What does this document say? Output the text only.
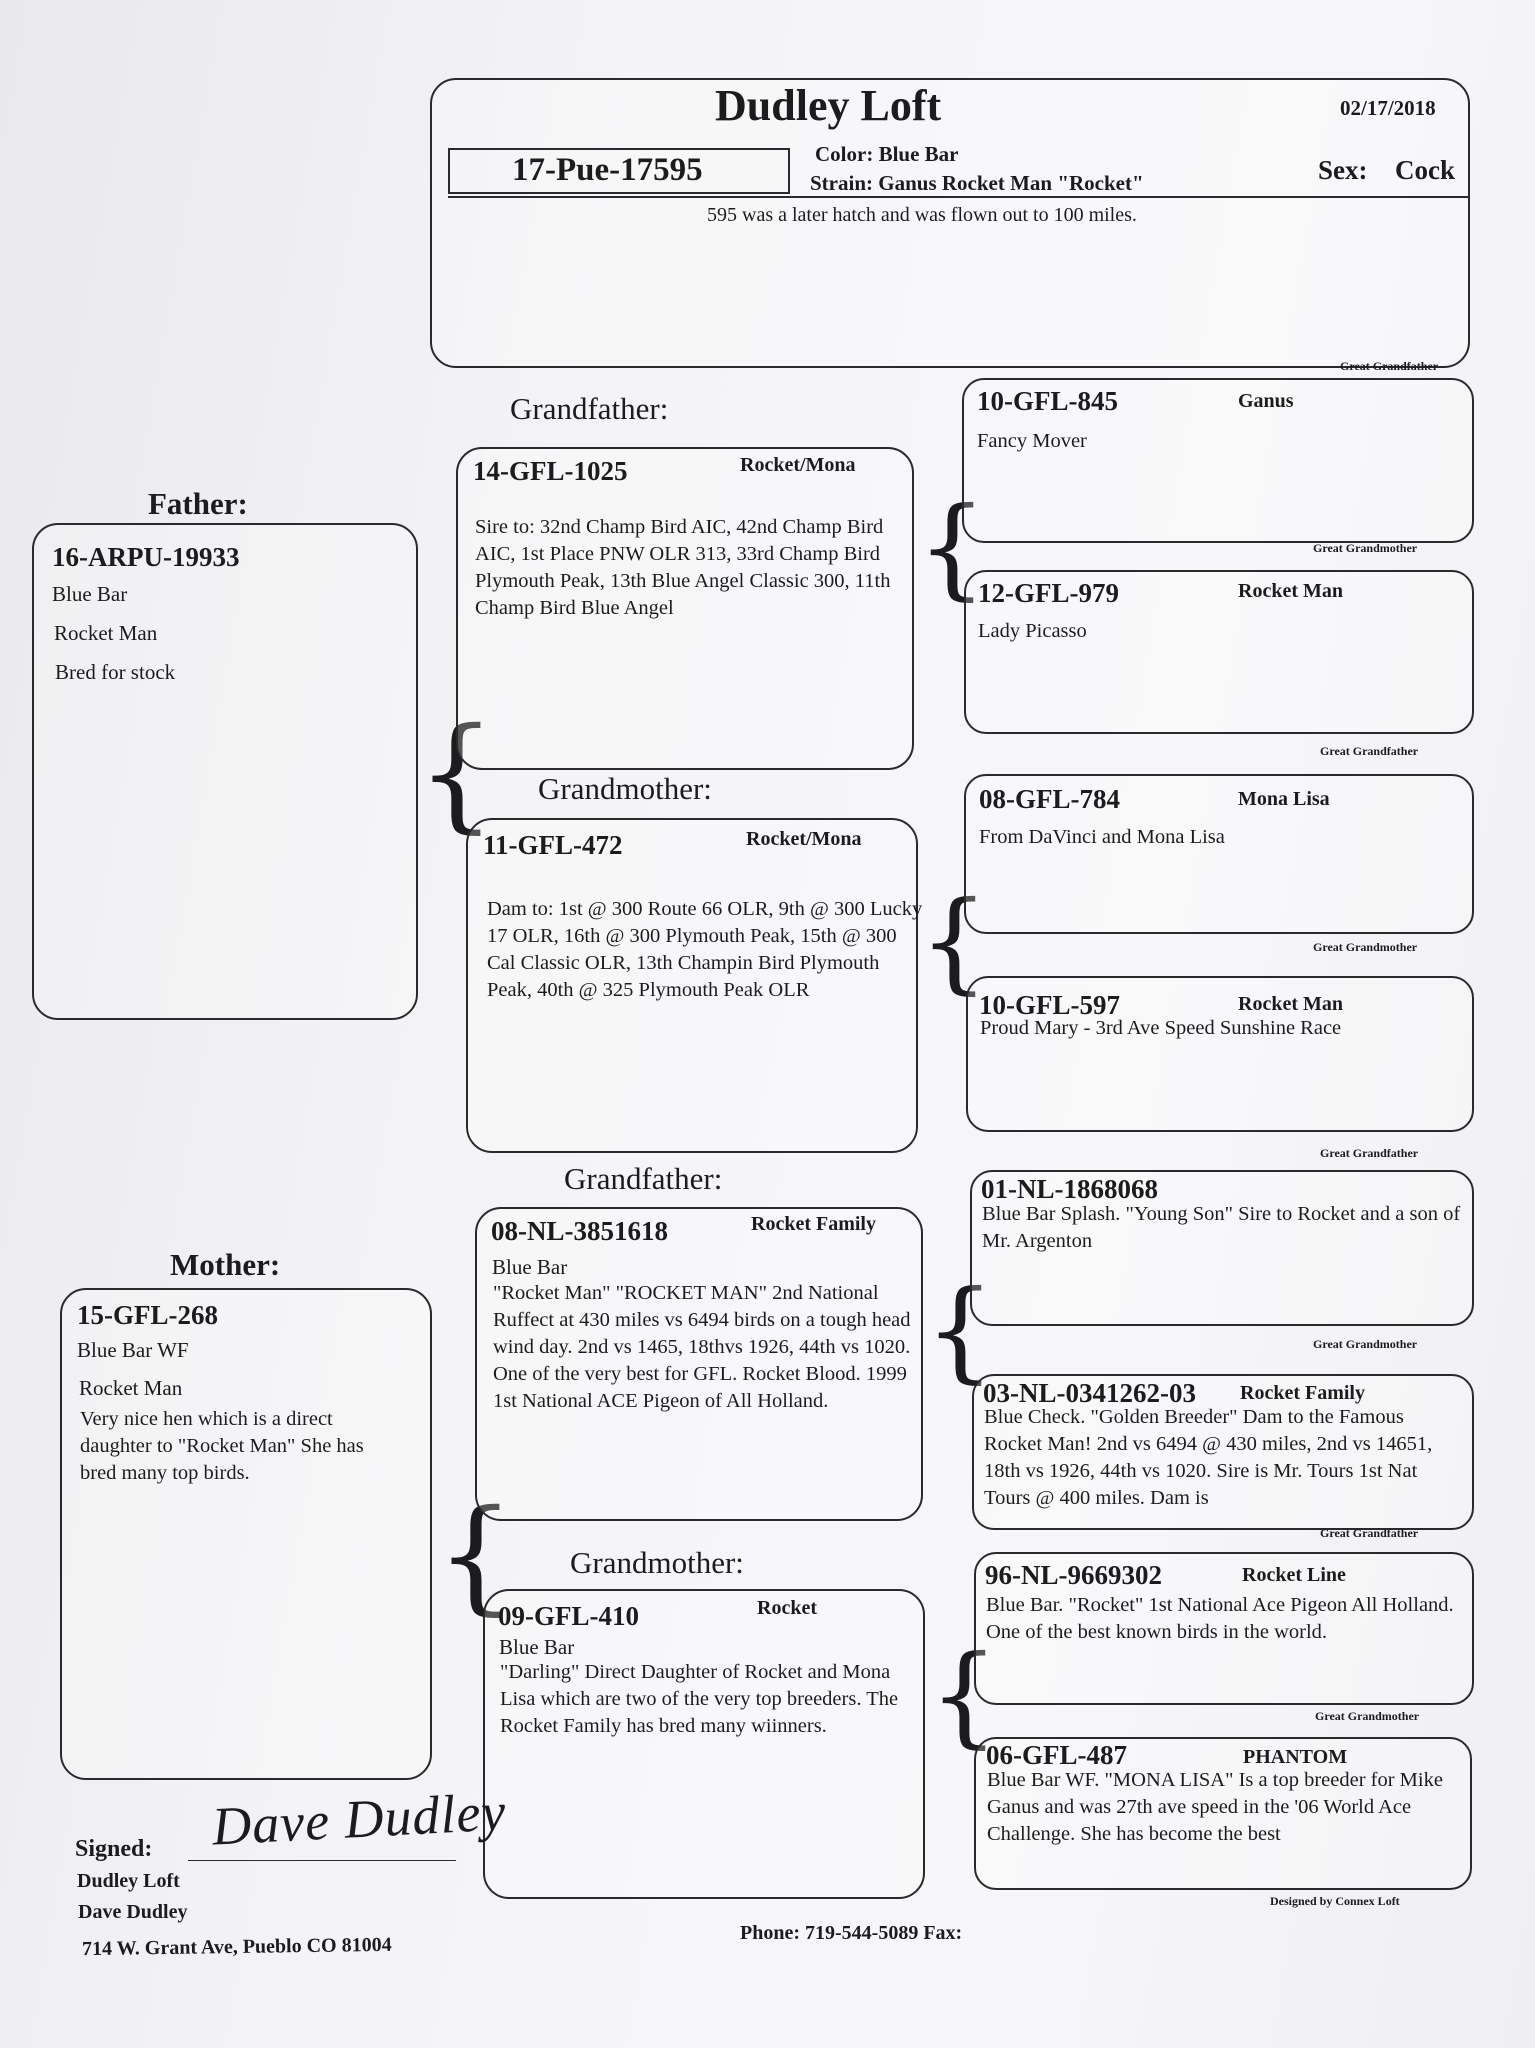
Dudley Loft	02/17/2018
17-Pue-17595	Color: Blue Bar
Strain: Ganus Rocket Man "Rocket"	Sex: Cock
595 was a later hatch and was flown out to 100 miles.
Father:
16-ARPU-19933
Blue Bar
Rocket Man
Bred for stock
Mother:
15-GFL-268
Blue Bar WF
Rocket Man
Very nice hen which is a direct daughter to "Rocket Man" She has bred many top birds.
{
{
Grandfather:
14-GFL-1025	Rocket/Mona
Sire to: 32nd Champ Bird AIC, 42nd Champ Bird AIC, 1st Place PNW OLR 313, 33rd Champ Bird Plymouth Peak, 13th Blue Angel Classic 300, 11th Champ Bird Blue Angel
Grandmother:
11-GFL-472	Rocket/Mona
Dam to: 1st @ 300 Route 66 OLR, 9th @ 300 Lucky 17 OLR, 16th @ 300 Plymouth Peak, 15th @ 300 Cal Classic OLR, 13th Champin Bird Plymouth Peak, 40th @ 325 Plymouth Peak OLR
Grandfather:
08-NL-3851618	Rocket Family
Blue Bar
"Rocket Man" "ROCKET MAN" 2nd National Ruffect at 430 miles vs 6494 birds on a tough head wind day. 2nd vs 1465, 18thvs 1926, 44th vs 1020. One of the very best for GFL. Rocket Blood. 1999 1st National ACE Pigeon of All Holland.
Grandmother:
09-GFL-410	Rocket
Blue Bar
"Darling" Direct Daughter of Rocket and Mona Lisa which are two of the very top breeders. The Rocket Family has bred many wiinners.
{
{
{
{
Great Grandfather
10-GFL-845	Ganus
Fancy Mover
Great Grandmother
12-GFL-979	Rocket Man
Lady Picasso
Great Grandfather
08-GFL-784	Mona Lisa
From DaVinci and Mona Lisa
Great Grandmother
10-GFL-597	Rocket Man
Proud Mary - 3rd Ave Speed Sunshine Race
Great Grandfather
01-NL-1868068
Blue Bar Splash. "Young Son" Sire to Rocket and a son of Mr. Argenton
Great Grandmother
03-NL-0341262-03 Rocket Family
Blue Check. "Golden Breeder" Dam to the Famous Rocket Man! 2nd vs 6494 @ 430 miles, 2nd vs 14651, 18th vs 1926, 44th vs 1020. Sire is Mr. Tours 1st Nat Tours @ 400 miles. Dam is
Great Grandfather
96-NL-9669302	Rocket Line
Blue Bar. "Rocket" 1st National Ace Pigeon All Holland. One of the best known birds in the world.
Great Grandmother
06-GFL-487	PHANTOM
Blue Bar WF. "MONA LISA" Is a top breeder for Mike Ganus and was 27th ave speed in the '06 World Ace Challenge. She has become the best
Signed: Dave Dudley
Dudley Loft
Dave Dudley
714 W. Grant Ave, Pueblo CO 81004
Phone: 719-544-5089 Fax:
Designed by Connex Loft
